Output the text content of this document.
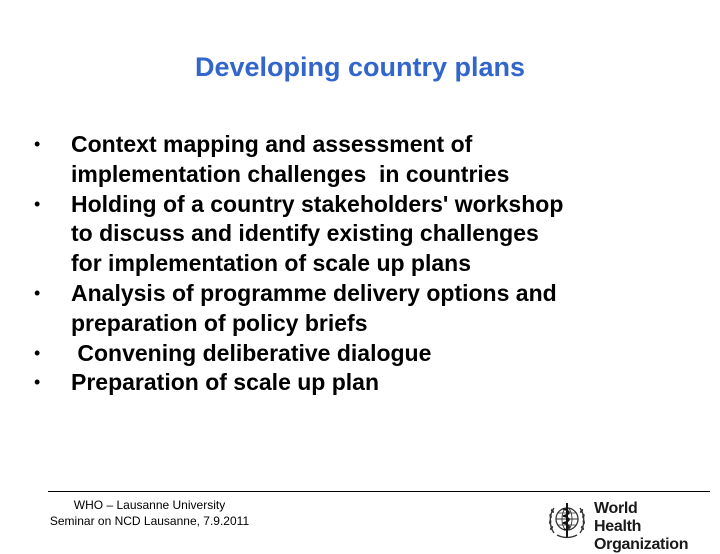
Developing country plans
• Context mapping and assessment of
implementation challenges  in countries
• Holding of a country stakeholders' workshop
to discuss and identify existing challenges
for implementation of scale up plans
• Analysis of programme delivery options and
preparation of policy briefs
• Convening deliberative dialogue
• Preparation of scale up plan
WHO – Lausanne University
Seminar on NCD Lausanne, 7.9.2011
World Health
Organization
